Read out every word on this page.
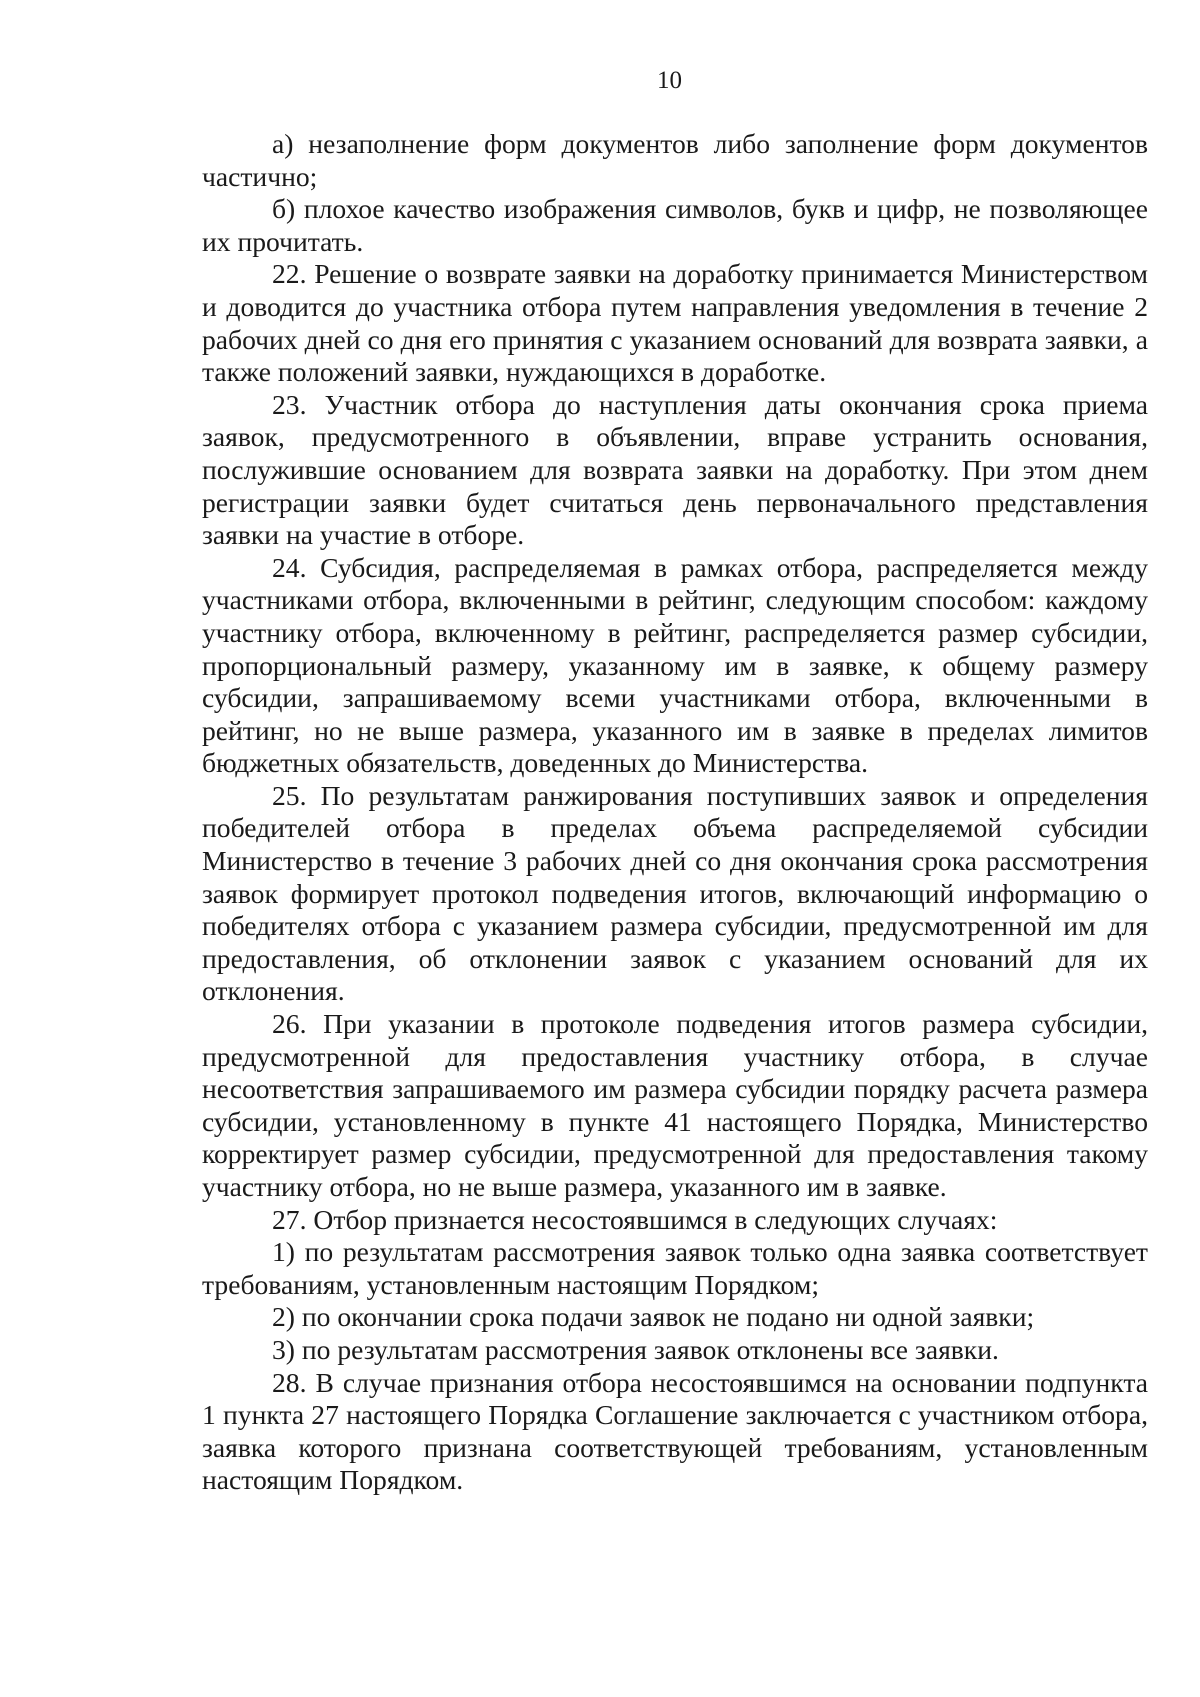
10

а) незаполнение форм документов либо заполнение форм документов частично;

б) плохое качество изображения символов, букв и цифр, не позволяющее их прочитать.

22. Решение о возврате заявки на доработку принимается Министерством и доводится до участника отбора путем направления уведомления в течение 2 рабочих дней со дня его принятия с указанием оснований для возврата заявки, а также положений заявки, нуждающихся в доработке.

23. Участник отбора до наступления даты окончания срока приема заявок, предусмотренного в объявлении, вправе устранить основания, послужившие основанием для возврата заявки на доработку. При этом днем регистрации заявки будет считаться день первоначального представления заявки на участие в отборе.

24. Субсидия, распределяемая в рамках отбора, распределяется между участниками отбора, включенными в рейтинг, следующим способом: каждому участнику отбора, включенному в рейтинг, распределяется размер субсидии, пропорциональный размеру, указанному им в заявке, к общему размеру субсидии, запрашиваемому всеми участниками отбора, включенными в рейтинг, но не выше размера, указанного им в заявке в пределах лимитов бюджетных обязательств, доведенных до Министерства.

25. По результатам ранжирования поступивших заявок и определения победителей отбора в пределах объема распределяемой субсидии Министерство в течение 3 рабочих дней со дня окончания срока рассмотрения заявок формирует протокол подведения итогов, включающий информацию о победителях отбора с указанием размера субсидии, предусмотренной им для предоставления, об отклонении заявок с указанием оснований для их отклонения.

26. При указании в протоколе подведения итогов размера субсидии, предусмотренной для предоставления участнику отбора, в случае несоответствия запрашиваемого им размера субсидии порядку расчета размера субсидии, установленному в пункте 41 настоящего Порядка, Министерство корректирует размер субсидии, предусмотренной для предоставления такому участнику отбора, но не выше размера, указанного им в заявке.

27. Отбор признается несостоявшимся в следующих случаях:

1) по результатам рассмотрения заявок только одна заявка соответствует требованиям, установленным настоящим Порядком;

2) по окончании срока подачи заявок не подано ни одной заявки;

3) по результатам рассмотрения заявок отклонены все заявки.

28. В случае признания отбора несостоявшимся на основании подпункта 1 пункта 27 настоящего Порядка Соглашение заключается с участником отбора, заявка которого признана соответствующей требованиям, установленным настоящим Порядком.
